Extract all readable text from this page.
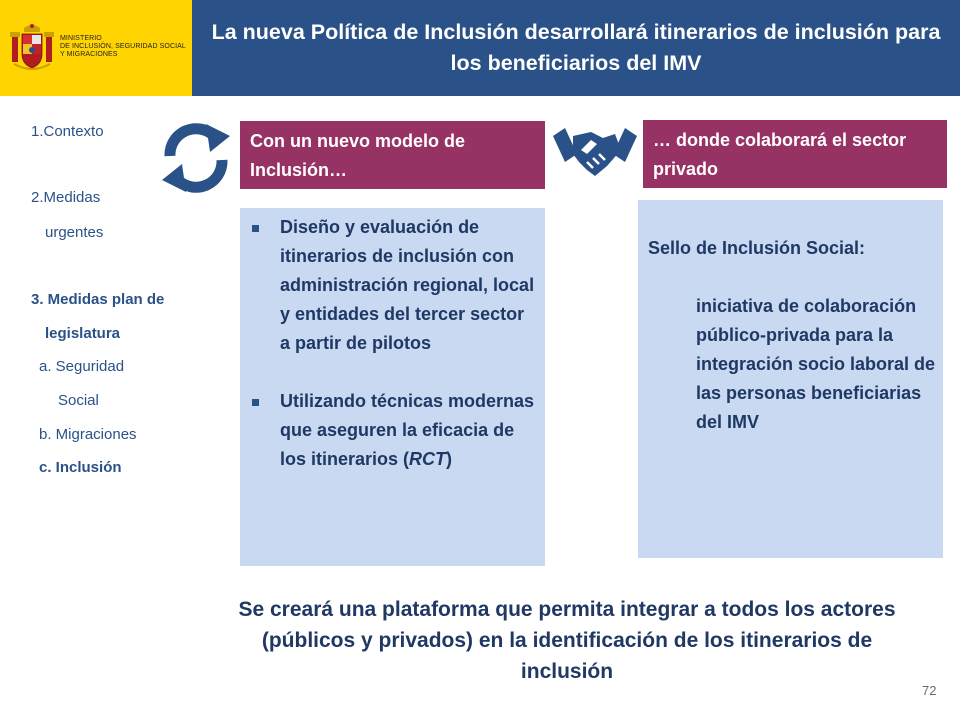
MINISTERIO
DE INCLUSIÓN, SEGURIDAD SOCIAL
Y MIGRACIONES
La nueva Política de Inclusión desarrollará itinerarios de inclusión para los beneficiarios del IMV
1.Contexto
2.Medidas
urgentes
3. Medidas plan de
legislatura
a. Seguridad
Social
b. Migraciones
c. Inclusión
Con un nuevo modelo de Inclusión…
… donde colaborará el sector privado
Diseño y evaluación de itinerarios de inclusión con administración regional, local y entidades del tercer sector a partir de pilotos
Utilizando técnicas modernas que aseguren la eficacia de los itinerarios (RCT)
Sello de Inclusión Social:
iniciativa de colaboración público-privada para la integración socio laboral de las personas beneficiarias del IMV
Se creará una plataforma que permita integrar a todos los actores (públicos y privados) en la identificación de los itinerarios de inclusión
72
